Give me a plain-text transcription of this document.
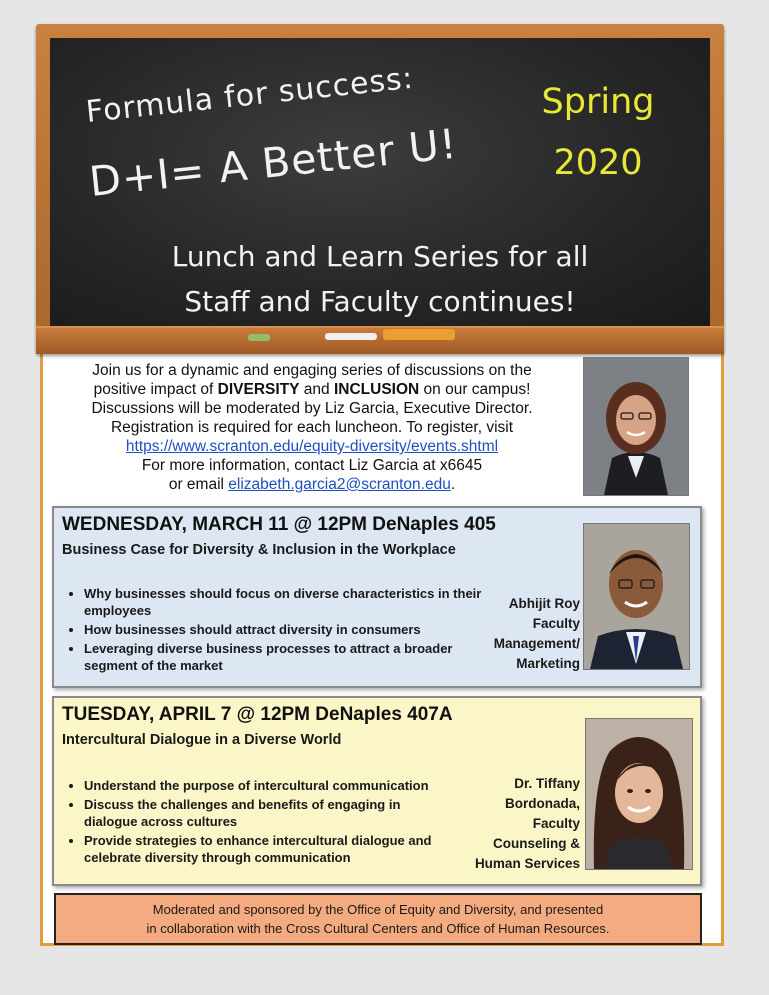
Formula for success:
D+I= A Better U!
Spring
2020
Lunch and Learn Series for all
Staff and Faculty continues!
Join us for a dynamic and engaging series of discussions on the
positive impact of DIVERSITY and INCLUSION on our campus!
Discussions will be moderated by Liz Garcia, Executive Director.
Registration is required for each luncheon. To register, visit
https://www.scranton.edu/equity-diversity/events.shtml
For more information, contact Liz Garcia at x6645
or email elizabeth.garcia2@scranton.edu.
WEDNESDAY, MARCH 11 @ 12PM DeNaples 405
Business Case for Diversity & Inclusion in the Workplace
• Why businesses should focus on diverse characteristics in their employees
• How businesses should attract diversity in consumers
• Leveraging diverse business processes to attract a broader segment of the market
Abhijit Roy
Faculty
Management/
Marketing
TUESDAY, APRIL 7 @ 12PM DeNaples 407A
Intercultural Dialogue in a Diverse World
• Understand the purpose of intercultural communication
• Discuss the challenges and benefits of engaging in dialogue across cultures
• Provide strategies to enhance intercultural dialogue and celebrate diversity through communication
Dr. Tiffany
Bordonada,
Faculty
Counseling &
Human Services
Moderated and sponsored by the Office of Equity and Diversity, and presented
in collaboration with the Cross Cultural Centers and Office of Human Resources.
